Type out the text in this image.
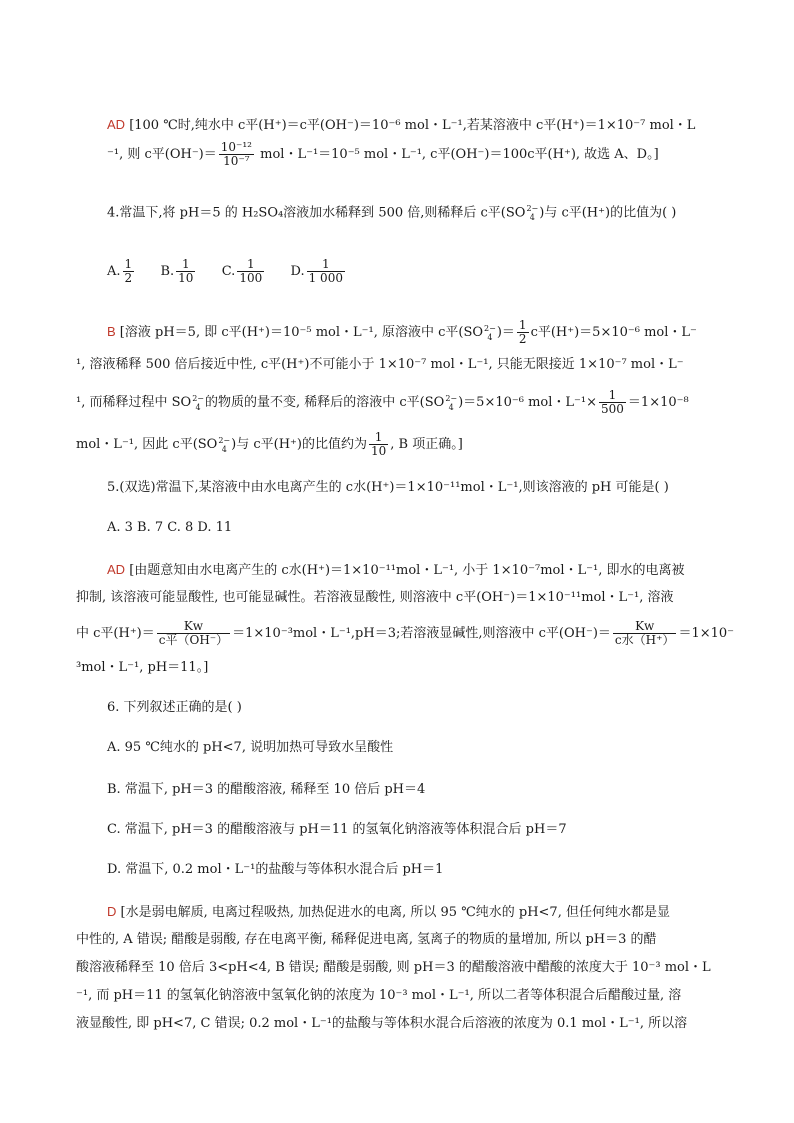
AD [100 ℃时,纯水中 c平(H⁺)＝c平(OH⁻)＝10⁻⁶ mol・L⁻¹,若某溶液中 c平(H⁺)＝1×10⁻⁷ mol・L
⁻¹, 则 c平$(OH^-)= \frac{\text{10⁻¹²}}{\text{10⁻⁷}}$ mol・L⁻¹＝10⁻⁵ mol・L⁻¹, c平(OH⁻)＝100c平(H⁺), 故选 A、D。]
4.常温下,将 pH＝5 的 H₂SO₄溶液加水稀释到 500 倍,则稀释后 c平(SO 2−
4 )与 c平(H⁺)的比值为( )
A. $\frac{1}{2} B$. $\frac{1}{10} C$. $\frac{1}{100} D$. $\frac{1}{1 000}$
B [溶液 pH＝5, 即 c平(H⁺)＝10⁻⁵ mol・L⁻¹, 原溶液中 c平(SO 2−
4 )＝ $\frac{1}{2}$ c平(H⁺)＝5×10⁻⁶ mol・L⁻
¹, 溶液稀释 500 倍后接近中性, c平(H⁺)不可能小于 1×10⁻⁷ mol・L⁻¹, 只能无限接近 1×10⁻⁷ mol・L⁻
¹, 而稀释过程中 SO 2−
4 的物质的量不变, 稀释后的溶液中 c平(SO 2−
4 )＝5×10⁻⁶ mol・$L^{-1}\times \frac{1}{500} =1\times 10^{-8}$
mol・L⁻¹, 因此 c平(SO 2−
4 )与 c平(H⁺)的比值约为 $\frac{1}{10}$ , B 项正确。]
5.(双选)常温下,某溶液中由水电离产生的 c水(H⁺)＝1×10⁻¹¹mol・L⁻¹,则该溶液的 pH 可能是( )
A. 3 B. 7 C. 8 D. 11
AD [由题意知由水电离产生的 c水(H⁺)＝1×10⁻¹¹mol・L⁻¹, 小于 1×10⁻⁷mol・L⁻¹, 即水的电离被
抑制, 该溶液可能显酸性, 也可能显碱性。若溶液显酸性, 则溶液中 c平(OH⁻)＝1×10⁻¹¹mol・L⁻¹, 溶液
中 c平$(H^+)= \frac{Kw}{\text{c平（OH⁻）}} =1\times 10^{-3}mol$・L⁻¹,pH＝3;若溶液显碱性,则溶液中 c平$(OH^-)= \frac{Kw}{\text{c水（H⁺）}} =1\times 10^-$
³mol・L⁻¹, pH＝11。]
6. 下列叙述正确的是( )
A. 95 ℃纯水的 pH<7, 说明加热可导致水呈酸性
B. 常温下, pH＝3 的醋酸溶液, 稀释至 10 倍后 pH＝4
C. 常温下, pH＝3 的醋酸溶液与 pH＝11 的氢氧化钠溶液等体积混合后 pH＝7
D. 常温下, 0.2 mol・L⁻¹的盐酸与等体积水混合后 pH＝1
D [水是弱电解质, 电离过程吸热, 加热促进水的电离, 所以 95 ℃纯水的 pH<7, 但任何纯水都是显
中性的, A 错误; 醋酸是弱酸, 存在电离平衡, 稀释促进电离, 氢离子的物质的量增加, 所以 pH＝3 的醋
酸溶液稀释至 10 倍后 3<pH<4, B 错误; 醋酸是弱酸, 则 pH＝3 的醋酸溶液中醋酸的浓度大于 10⁻³ mol・L
⁻¹, 而 pH＝11 的氢氧化钠溶液中氢氧化钠的浓度为 10⁻³ mol・L⁻¹, 所以二者等体积混合后醋酸过量, 溶
液显酸性, 即 pH<7, C 错误; 0.2 mol・L⁻¹的盐酸与等体积水混合后溶液的浓度为 0.1 mol・L⁻¹, 所以溶
